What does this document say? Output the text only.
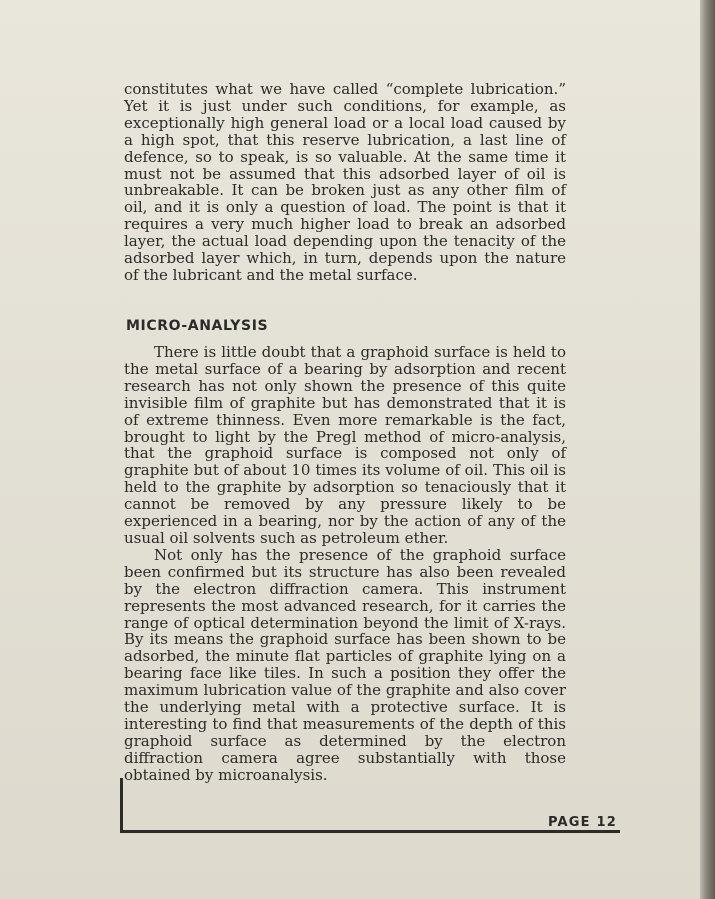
constitutes what we have called “complete lubrication.” Yet it is just under such conditions, for example, as exceptionally high general load or a local load caused by a high spot, that this reserve lubrication, a last line of defence, so to speak, is so valuable. At the same time it must not be assumed that this adsorbed layer of oil is unbreakable. It can be broken just as any other film of oil, and it is only a question of load. The point is that it requires a very much higher load to break an adsorbed layer, the actual load depending upon the tenacity of the adsorbed layer which, in turn, depends upon the nature of the lubricant and the metal surface.

MICRO-ANALYSIS

There is little doubt that a graphoid surface is held to the metal surface of a bearing by adsorption and recent research has not only shown the presence of this quite invisible film of graphite but has demonstrated that it is of extreme thinness. Even more remarkable is the fact, brought to light by the Pregl method of micro-analysis, that the graphoid surface is composed not only of graphite but of about 10 times its volume of oil. This oil is held to the graphite by adsorption so tenaciously that it cannot be removed by any pressure likely to be experienced in a bearing, nor by the action of any of the usual oil solvents such as petroleum ether.

Not only has the presence of the graphoid surface been confirmed but its structure has also been revealed by the electron diffraction camera. This instrument represents the most advanced research, for it carries the range of optical determination beyond the limit of X-rays. By its means the graphoid surface has been shown to be adsorbed, the minute flat particles of graphite lying on a bearing face like tiles. In such a position they offer the maximum lubrication value of the graphite and also cover the underlying metal with a protective surface. It is interesting to find that measurements of the depth of this graphoid surface as determined by the electron diffraction camera agree substantially with those obtained by microanalysis.

PAGE 12
